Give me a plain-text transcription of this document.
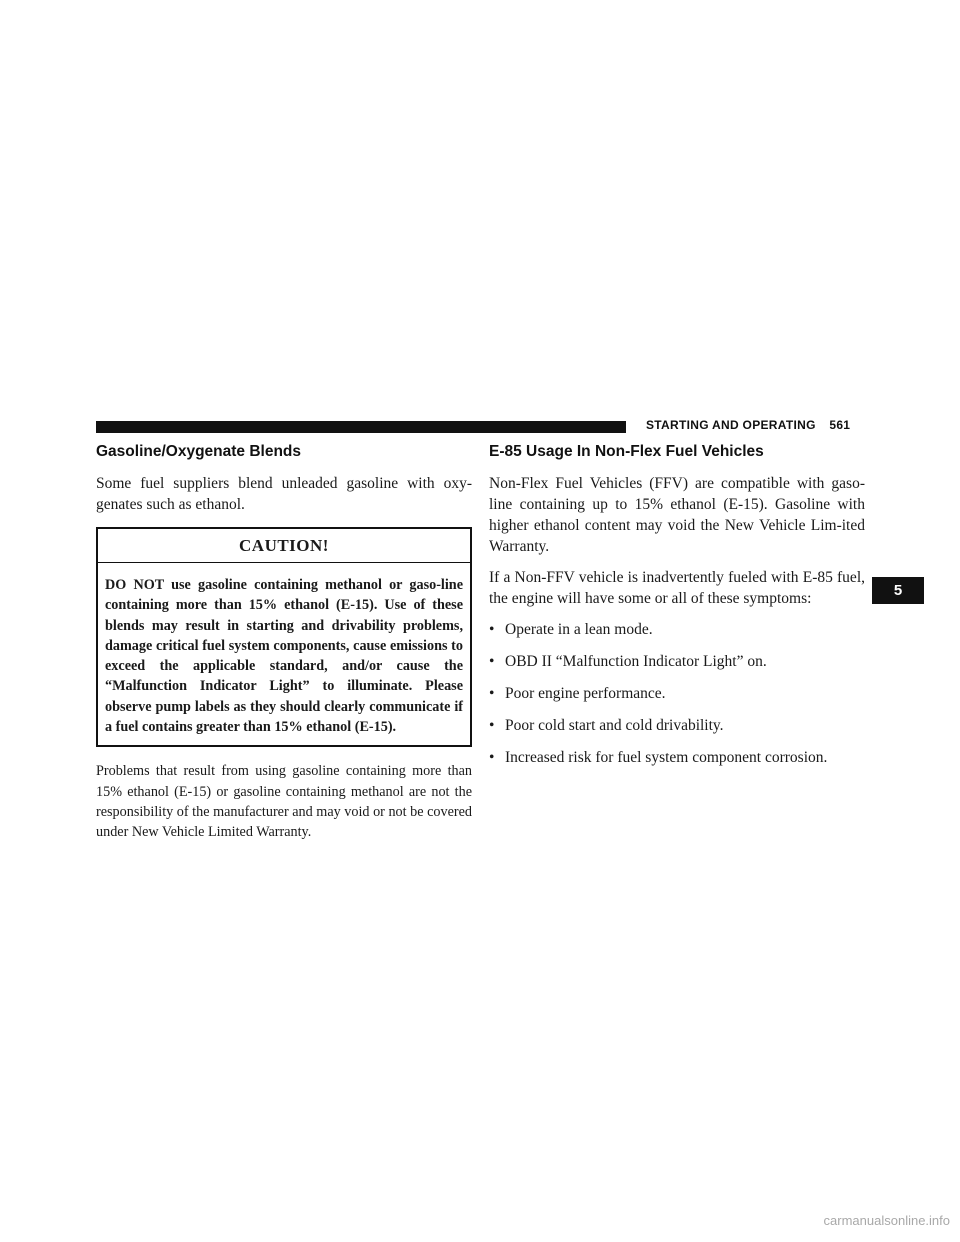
STARTING AND OPERATING 561
Gasoline/Oxygenate Blends

Some fuel suppliers blend unleaded gasoline with oxy-genates such as ethanol.

CAUTION!
DO NOT use gasoline containing methanol or gaso-line containing more than 15% ethanol (E-15). Use of these blends may result in starting and drivability problems, damage critical fuel system components, cause emissions to exceed the applicable standard, and/or cause the “Malfunction Indicator Light” to illuminate. Please observe pump labels as they should clearly communicate if a fuel contains greater than 15% ethanol (E-15).

Problems that result from using gasoline containing more than 15% ethanol (E-15) or gasoline containing methanol are not the responsibility of the manufacturer and may void or not be covered under New Vehicle Limited Warranty.

E-85 Usage In Non-Flex Fuel Vehicles

Non-Flex Fuel Vehicles (FFV) are compatible with gaso-line containing up to 15% ethanol (E-15). Gasoline with higher ethanol content may void the New Vehicle Lim-ited Warranty.

If a Non-FFV vehicle is inadvertently fueled with E-85 fuel, the engine will have some or all of these symptoms:

• Operate in a lean mode.
• OBD II “Malfunction Indicator Light” on.
• Poor engine performance.
• Poor cold start and cold drivability.
• Increased risk for fuel system component corrosion.
5
carmanualsonline.info
